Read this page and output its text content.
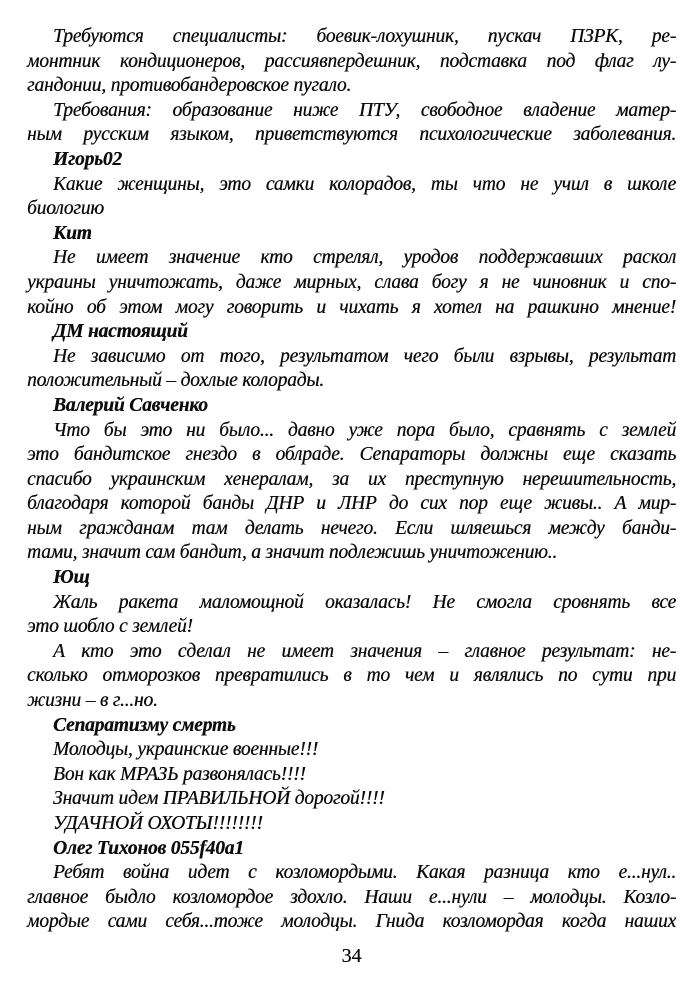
Требуются специалисты: боевик-лохушник, пускач ПЗРК, ре-
монтник кондиционеров, рассиявпердешник, подставка под флаг лу-
гандонии, противобандеровское пугало.
Требования: образование ниже ПТУ, свободное владение матер-
ным русским языком, приветствуются психологические заболевания.
Игорь02
Какие женщины, это самки колорадов, ты что не учил в школе
биологию
Кит
Не имеет значение кто стрелял, уродов поддержавших раскол
украины уничтожать, даже мирных, слава богу я не чиновник и спо-
койно об этом могу говорить и чихать я хотел на рашкино мнение!
ДМ настоящий
Не зависимо от того, результатом чего были взрывы, результат
положительный – дохлые колорады.
Валерий Савченко
Что бы это ни было... давно уже пора было, сравнять с землей
это бандитское гнездо в облраде. Сепараторы должны еще сказать
спасибо украинским хенералам, за их преступную нерешительность,
благодаря которой банды ДНР и ЛНР до сих пор еще живы.. А мир-
ным гражданам там делать нечего. Если шляешься между банди-
тами, значит сам бандит, а значит подлежишь уничтожению..
Ющ
Жаль ракета маломощной оказалась! Не смогла сровнять все
это шобло с землей!
А кто это сделал не имеет значения – главное результат: не-
сколько отморозков превратились в то чем и являлись по сути при
жизни – в г...но.
Сепаратизму смерть
Молодцы, украинские военные!!!
Вон как МРАЗЬ развонялась!!!!
Значит идем ПРАВИЛЬНОЙ дорогой!!!!
УДАЧНОЙ ОХОТЫ!!!!!!!!
Олег Тихонов 055f40a1
Ребят война идет с козломордыми. Какая разница кто е...нул..
главное быдло козломордое здохло. Наши е...нули – молодцы. Козло-
мордые сами себя...тоже молодцы. Гнида козломордая когда наших
34
